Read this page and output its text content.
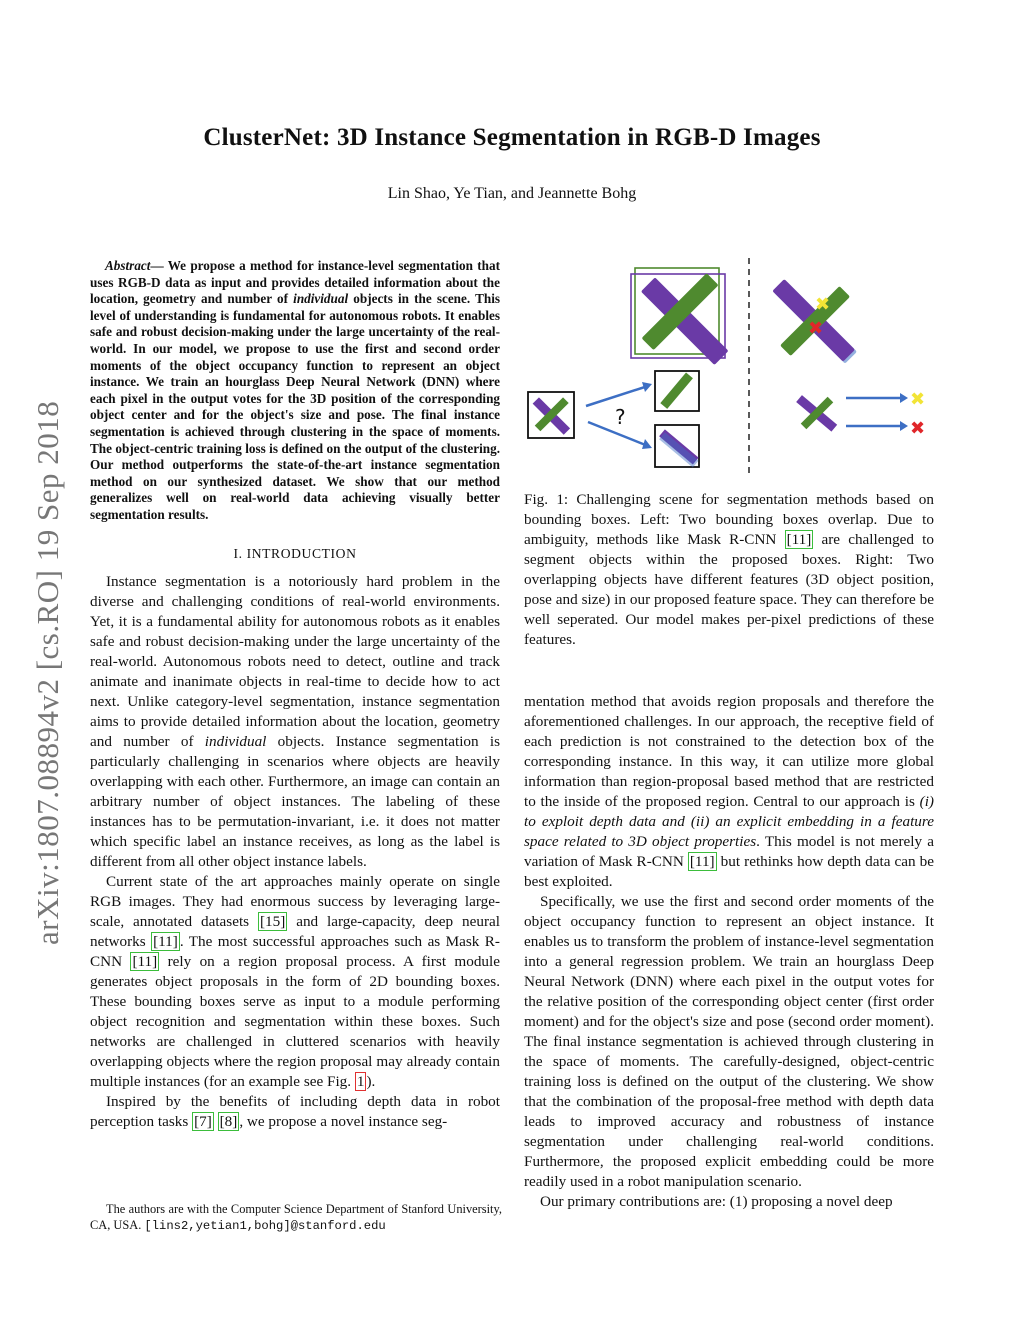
ClusterNet: 3D Instance Segmentation in RGB-D Images
Lin Shao, Ye Tian, and Jeannette Bohg
arXiv:1807.08894v2 [cs.RO] 19 Sep 2018

Abstract— We propose a method for instance-level segmentation that uses RGB-D data as input and provides detailed information about the location, geometry and number of individual objects in the scene. This level of understanding is fundamental for autonomous robots. It enables safe and robust decision-making under the large uncertainty of the real-world. In our model, we propose to use the first and second order moments of the object occupancy function to represent an object instance. We train an hourglass Deep Neural Network (DNN) where each pixel in the output votes for the 3D position of the corresponding object center and for the object's size and pose. The final instance segmentation is achieved through clustering in the space of moments. The object-centric training loss is defined on the output of the clustering. Our method outperforms the state-of-the-art instance segmentation method on our synthesized dataset. We show that our method generalizes well on real-world data achieving visually better segmentation results.

I. INTRODUCTION

Instance segmentation is a notoriously hard problem in the diverse and challenging conditions of real-world environments. Yet, it is a fundamental ability for autonomous robots as it enables safe and robust decision-making under the large uncertainty of the real-world. Autonomous robots need to detect, outline and track animate and inanimate objects in real-time to decide how to act next. Unlike category-level segmentation, instance segmentation aims to provide detailed information about the location, geometry and number of individual objects. Instance segmentation is particularly challenging in scenarios where objects are heavily overlapping with each other. Furthermore, an image can contain an arbitrary number of object instances. The labeling of these instances has to be permutation-invariant, i.e. it does not matter which specific label an instance receives, as long as the label is different from all other object instance labels.

Current state of the art approaches mainly operate on single RGB images. They had enormous success by leveraging large-scale, annotated datasets [15] and large-capacity, deep neural networks [11] . The most successful approaches such as Mask R-CNN [11] rely on a region proposal process. A first module generates object proposals in the form of 2D bounding boxes. These bounding boxes serve as input to a module performing object recognition and segmentation within these boxes. Such networks are challenged in cluttered scenarios with heavily overlapping objects where the region proposal may already contain multiple instances (for an example see Fig. 1 ).

Inspired by the benefits of including depth data in robot perception tasks [7] [8] , we propose a novel instance seg-

The authors are with the Computer Science Department of Stanford University, CA, USA. [lins2,yetian1,bohg]@stanford.edu
✖
✖
?
✖
✖
Fig. 1: Challenging scene for segmentation methods based on bounding boxes. Left: Two bounding boxes overlap. Due to ambiguity, methods like Mask R-CNN [11] are challenged to segment objects within the proposed boxes. Right: Two overlapping objects have different features (3D object position, pose and size) in our proposed feature space. They can therefore be well seperated. Our model makes per-pixel predictions of these features.

mentation method that avoids region proposals and therefore the aforementioned challenges. In our approach, the receptive field of each prediction is not constrained to the detection box of the corresponding instance. In this way, it can utilize more global information than region-proposal based method that are restricted to the inside of the proposed region. Central to our approach is (i) to exploit depth data and (ii) an explicit embedding in a feature space related to 3D object properties. This model is not merely a variation of Mask R-CNN [11] but rethinks how depth data can be best exploited.

Specifically, we use the first and second order moments of the object occupancy function to represent an object instance. It enables us to transform the problem of instance-level segmentation into a general regression problem. We train an hourglass Deep Neural Network (DNN) where each pixel in the output votes for the relative position of the corresponding object center (first order moment) and for the object's size and pose (second order moment). The final instance segmentation is achieved through clustering in the space of moments. The carefully-designed, object-centric training loss is defined on the output of the clustering. We show that the combination of the proposal-free method with depth data leads to improved accuracy and robustness of instance segmentation under challenging real-world conditions. Furthermore, the proposed explicit embedding could be more readily used in a robot manipulation scenario.

Our primary contributions are: (1) proposing a novel deep
